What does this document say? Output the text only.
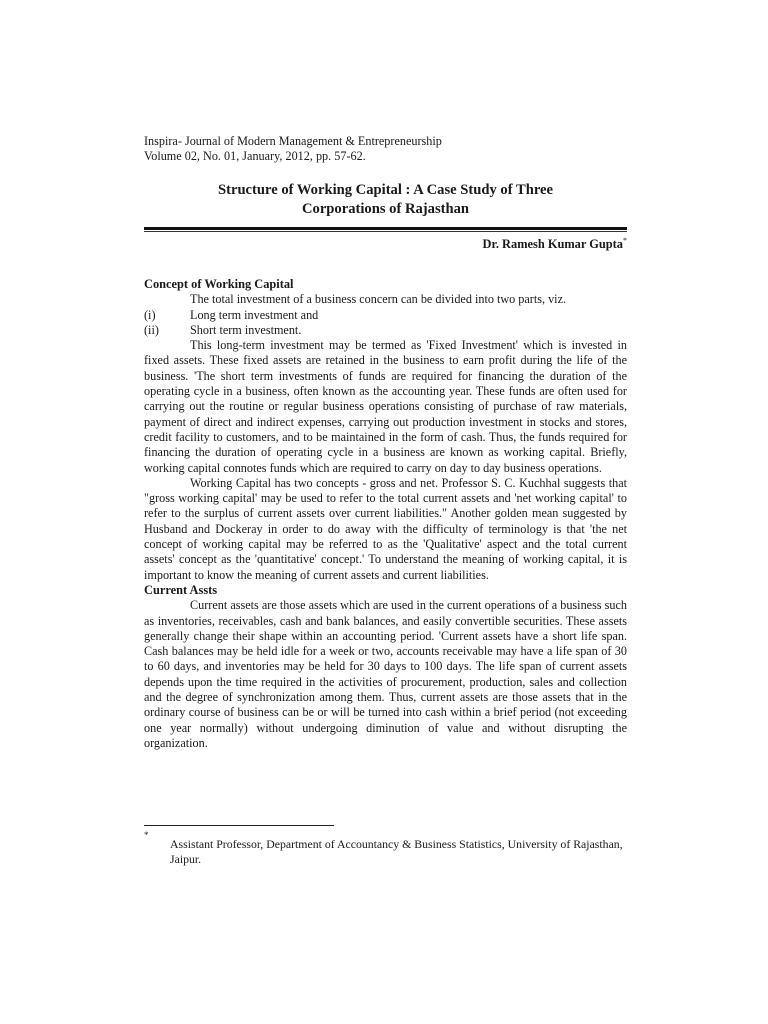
Inspira- Journal of Modern Management & Entrepreneurship
Volume 02, No. 01, January, 2012, pp. 57-62.
Structure of Working Capital : A Case Study of Three
Corporations of Rajasthan
Dr. Ramesh Kumar Gupta*
Concept of Working Capital

The total investment of a business concern can be divided into two parts, viz.

(i)	Long term investment and
(ii)	Short term investment.

This long-term investment may be termed as 'Fixed Investment' which is invested in fixed assets. These fixed assets are retained in the business to earn profit during the life of the business. 'The short term investments of funds are required for financing the duration of the operating cycle in a business, often known as the accounting year. These funds are often used for carrying out the routine or regular business operations consisting of purchase of raw materials, payment of direct and indirect expenses, carrying out production investment in stocks and stores, credit facility to customers, and to be maintained in the form of cash. Thus, the funds required for financing the duration of operating cycle in a business are known as working capital. Briefly, working capital connotes funds which are required to carry on day to day business operations.

Working Capital has two concepts - gross and net. Professor S. C. Kuchhal suggests that "gross working capital' may be used to refer to the total current assets and 'net working capital' to refer to the surplus of current assets over current liabilities." Another golden mean suggested by Husband and Dockeray in order to do away with the difficulty of terminology is that 'the net concept of working capital may be referred to as the 'Qualitative' aspect and the total current assets' concept as the 'quantitative' concept.' To understand the meaning of working capital, it is important to know the meaning of current assets and current liabilities.

Current Assts

Current assets are those assets which are used in the current operations of a business such as inventories, receivables, cash and bank balances, and easily convertible securities. These assets generally change their shape within an accounting period. 'Current assets have a short life span. Cash balances may be held idle for a week or two, accounts receivable may have a life span of 30 to 60 days, and inventories may be held for 30 days to 100 days. The life span of current assets depends upon the time required in the activities of procurement, production, sales and collection and the degree of synchronization among them. Thus, current assets are those assets that in the ordinary course of business can be or will be turned into cash within a brief period (not exceeding one year normally) without undergoing diminution of value and without disrupting the organization.

*
Assistant Professor, Department of Accountancy & Business Statistics, University of Rajasthan, Jaipur.
